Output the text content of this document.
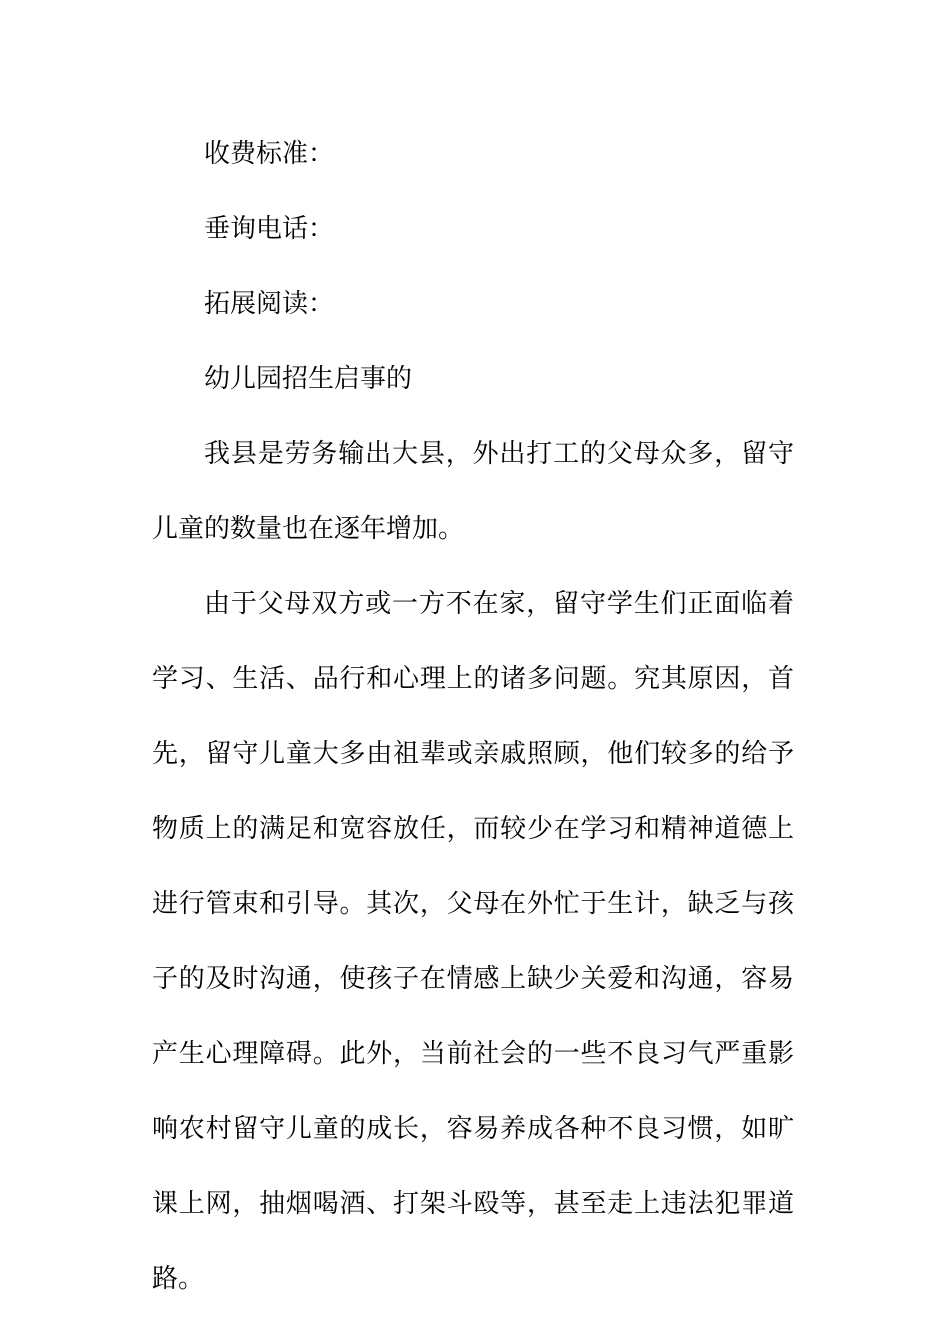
收费标准：

垂询电话：

拓展阅读：

幼儿园招生启事的

我县是劳务输出大县，外出打工的父母众多，留守儿童的数量也在逐年增加。

由于父母双方或一方不在家，留守学生们正面临着学习、生活、品行和心理上的诸多问题。究其原因，首先，留守儿童大多由祖辈或亲戚照顾，他们较多的给予物质上的满足和宽容放任，而较少在学习和精神道德上进行管束和引导。其次，父母在外忙于生计，缺乏与孩子的及时沟通，使孩子在情感上缺少关爱和沟通，容易产生心理障碍。此外，当前社会的一些不良习气严重影响农村留守儿童的成长，容易养成各种不良习惯，如旷课上网，抽烟喝酒、打架斗殴等，甚至走上违法犯罪道路。
